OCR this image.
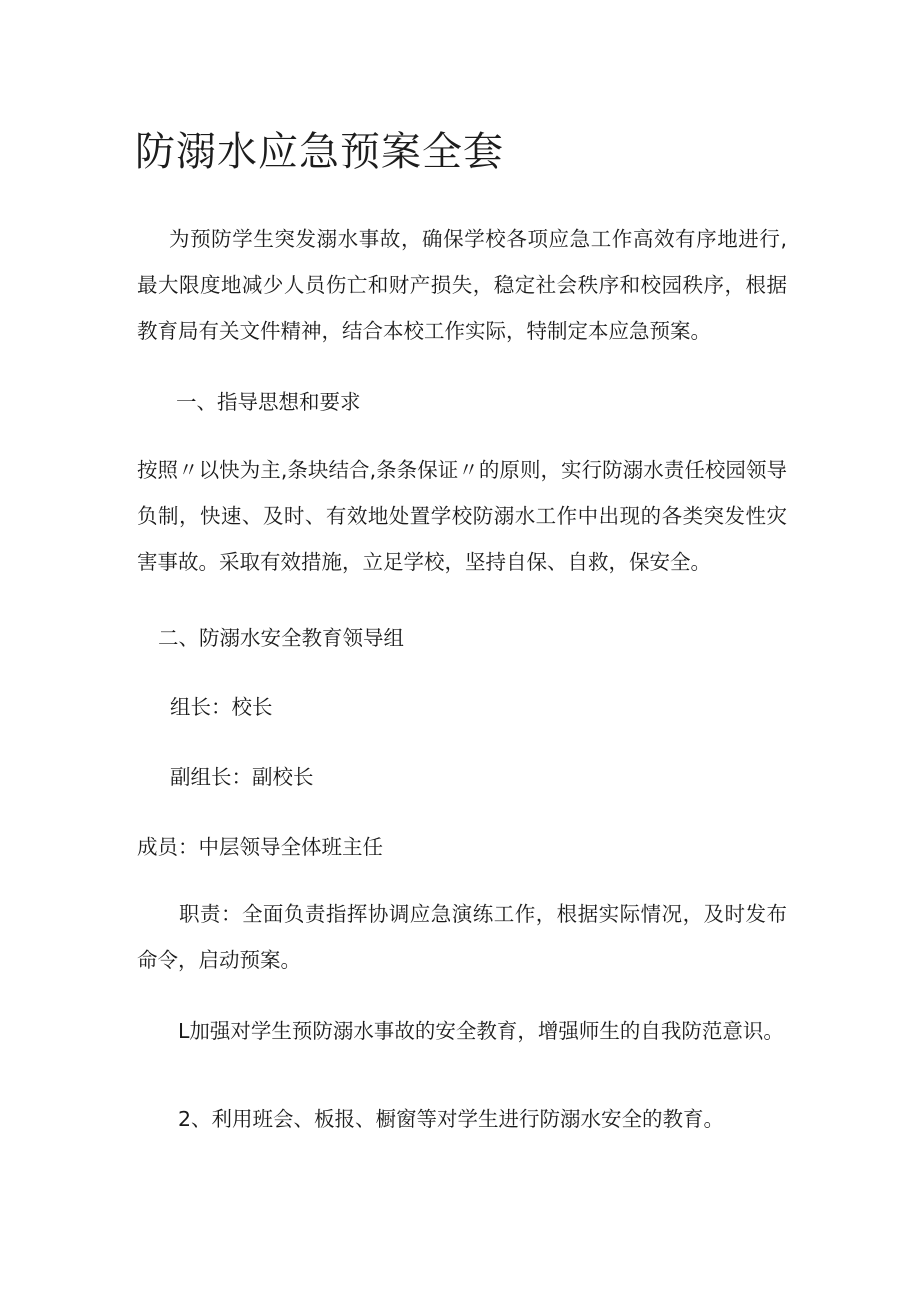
防溺水应急预案全套
为预防学生突发溺水事故，确保学校各项应急工作高效有序地进行,最大限度地减少人员伤亡和财产损失，稳定社会秩序和校园秩序，根据教育局有关文件精神，结合本校工作实际，特制定本应急预案。
一、指导思想和要求
按照〃以快为主,条块结合,条条保证〃的原则，实行防溺水责任校园领导负制，快速、及时、有效地处置学校防溺水工作中出现的各类突发性灾害事故。采取有效措施，立足学校，坚持自保、自救，保安全。
二、防溺水安全教育领导组
组长：校长
副组长：副校长
成员：中层领导全体班主任
职责：全面负责指挥协调应急演练工作，根据实际情况，及时发布命令，启动预案。
L加强对学生预防溺水事故的安全教育，增强师生的自我防范意识。
2、利用班会、板报、橱窗等对学生进行防溺水安全的教育。
